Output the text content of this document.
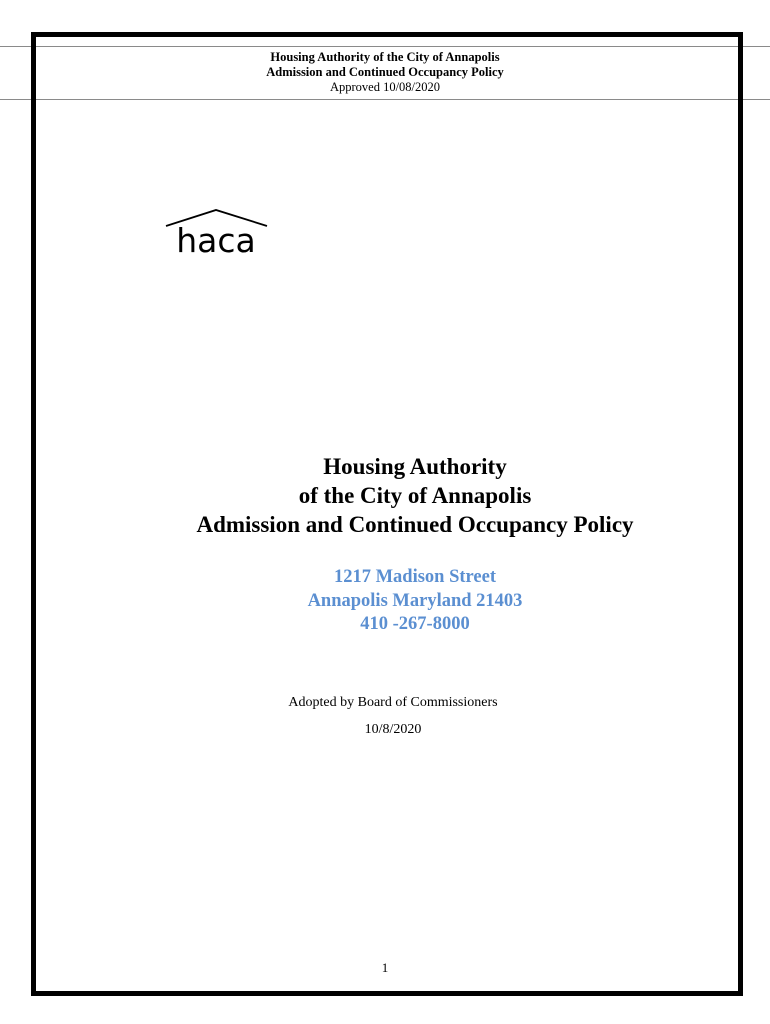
Housing Authority of the City of Annapolis
Admission and Continued Occupancy Policy
Approved 10/08/2020
haca
Housing Authority
of the City of Annapolis
Admission and Continued Occupancy Policy
1217 Madison Street
Annapolis Maryland 21403
410 -267-8000
Adopted by Board of Commissioners
10/8/2020
1
